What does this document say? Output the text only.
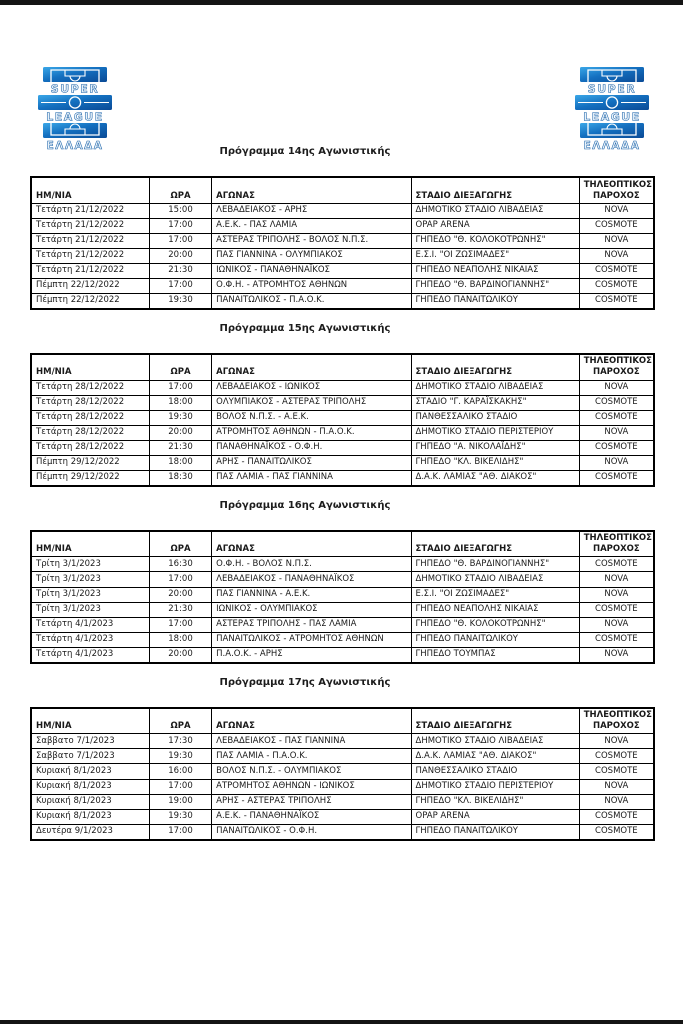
SUPER
LEAGUE
ΕΛΛΑΔΑ
SUPER
LEAGUE
ΕΛΛΑΔΑ
Πρόγραμμα 14ης Αγωνιστικής
ΗΜ/ΝΙΑ	ΩΡΑ	ΑΓΩΝΑΣ	ΣΤΑΔΙΟ ΔΙΕΞΑΓΩΓΗΣ	ΤΗΛΕΟΠΤΙΚΟΣ ΠΑΡΟΧΟΣ
Τετάρτη 21/12/2022	15:00	ΛΕΒΑΔΕΙΑΚΟΣ - ΑΡΗΣ	ΔΗΜΟΤΙΚΟ ΣΤΑΔΙΟ ΛΙΒΑΔΕΙΑΣ	NOVA
Τετάρτη 21/12/2022	17:00	Α.Ε.Κ. - ΠΑΣ ΛΑΜΙΑ	OPAP ARENA	COSMOTE
Τετάρτη 21/12/2022	17:00	ΑΣΤΕΡΑΣ ΤΡΙΠΟΛΗΣ - ΒΟΛΟΣ Ν.Π.Σ.	ΓΗΠΕΔΟ "Θ. ΚΟΛΟΚΟΤΡΩΝΗΣ"	NOVA
Τετάρτη 21/12/2022	20:00	ΠΑΣ ΓΙΑΝΝΙΝΑ - ΟΛΥΜΠΙΑΚΟΣ	Ε.Σ.Ι. "ΟΙ ΖΩΣΙΜΑΔΕΣ"	NOVA
Τετάρτη 21/12/2022	21:30	ΙΩΝΙΚΟΣ - ΠΑΝΑΘΗΝΑΪΚΟΣ	ΓΗΠΕΔΟ ΝΕΑΠΟΛΗΣ ΝΙΚΑΙΑΣ	COSMOTE
Πέμπτη 22/12/2022	17:00	Ο.Φ.Η. - ΑΤΡΟΜΗΤΟΣ ΑΘΗΝΩΝ	ΓΗΠΕΔΟ "Θ. ΒΑΡΔΙΝΟΓΙΑΝΝΗΣ"	COSMOTE
Πέμπτη 22/12/2022	19:30	ΠΑΝΑΙΤΩΛΙΚΟΣ - Π.Α.Ο.Κ.	ΓΗΠΕΔΟ ΠΑΝΑΙΤΩΛΙΚΟΥ	COSMOTE
Πρόγραμμα 15ης Αγωνιστικής
ΗΜ/ΝΙΑ	ΩΡΑ	ΑΓΩΝΑΣ	ΣΤΑΔΙΟ ΔΙΕΞΑΓΩΓΗΣ	ΤΗΛΕΟΠΤΙΚΟΣ ΠΑΡΟΧΟΣ
Τετάρτη 28/12/2022	17:00	ΛΕΒΑΔΕΙΑΚΟΣ - ΙΩΝΙΚΟΣ	ΔΗΜΟΤΙΚΟ ΣΤΑΔΙΟ ΛΙΒΑΔΕΙΑΣ	NOVA
Τετάρτη 28/12/2022	18:00	ΟΛΥΜΠΙΑΚΟΣ - ΑΣΤΕΡΑΣ ΤΡΙΠΟΛΗΣ	ΣΤΑΔΙΟ "Γ. ΚΑΡΑΪΣΚΑΚΗΣ"	COSMOTE
Τετάρτη 28/12/2022	19:30	ΒΟΛΟΣ Ν.Π.Σ. - Α.Ε.Κ.	ΠΑΝΘΕΣΣΑΛΙΚΟ ΣΤΑΔΙΟ	COSMOTE
Τετάρτη 28/12/2022	20:00	ΑΤΡΟΜΗΤΟΣ ΑΘΗΝΩΝ - Π.Α.Ο.Κ.	ΔΗΜΟΤΙΚΟ ΣΤΑΔΙΟ ΠΕΡΙΣΤΕΡΙΟΥ	NOVA
Τετάρτη 28/12/2022	21:30	ΠΑΝΑΘΗΝΑΪΚΟΣ - Ο.Φ.Η.	ΓΗΠΕΔΟ "Α. ΝΙΚΟΛΑΪΔΗΣ"	COSMOTE
Πέμπτη 29/12/2022	18:00	ΑΡΗΣ - ΠΑΝΑΙΤΩΛΙΚΟΣ	ΓΗΠΕΔΟ "ΚΛ. ΒΙΚΕΛΙΔΗΣ"	NOVA
Πέμπτη 29/12/2022	18:30	ΠΑΣ ΛΑΜΙΑ - ΠΑΣ ΓΙΑΝΝΙΝΑ	Δ.Α.Κ. ΛΑΜΙΑΣ "ΑΘ. ΔΙΑΚΟΣ"	COSMOTE
Πρόγραμμα 16ης Αγωνιστικής
ΗΜ/ΝΙΑ	ΩΡΑ	ΑΓΩΝΑΣ	ΣΤΑΔΙΟ ΔΙΕΞΑΓΩΓΗΣ	ΤΗΛΕΟΠΤΙΚΟΣ ΠΑΡΟΧΟΣ
Τρίτη 3/1/2023	16:30	Ο.Φ.Η. - ΒΟΛΟΣ Ν.Π.Σ.	ΓΗΠΕΔΟ "Θ. ΒΑΡΔΙΝΟΓΙΑΝΝΗΣ"	COSMOTE
Τρίτη 3/1/2023	17:00	ΛΕΒΑΔΕΙΑΚΟΣ - ΠΑΝΑΘΗΝΑΪΚΟΣ	ΔΗΜΟΤΙΚΟ ΣΤΑΔΙΟ ΛΙΒΑΔΕΙΑΣ	NOVA
Τρίτη 3/1/2023	20:00	ΠΑΣ ΓΙΑΝΝΙΝΑ - Α.Ε.Κ.	Ε.Σ.Ι. "ΟΙ ΖΩΣΙΜΑΔΕΣ"	NOVA
Τρίτη 3/1/2023	21:30	ΙΩΝΙΚΟΣ - ΟΛΥΜΠΙΑΚΟΣ	ΓΗΠΕΔΟ ΝΕΑΠΟΛΗΣ ΝΙΚΑΙΑΣ	COSMOTE
Τετάρτη 4/1/2023	17:00	ΑΣΤΕΡΑΣ ΤΡΙΠΟΛΗΣ - ΠΑΣ ΛΑΜΙΑ	ΓΗΠΕΔΟ "Θ. ΚΟΛΟΚΟΤΡΩΝΗΣ"	NOVA
Τετάρτη 4/1/2023	18:00	ΠΑΝΑΙΤΩΛΙΚΟΣ - ΑΤΡΟΜΗΤΟΣ ΑΘΗΝΩΝ	ΓΗΠΕΔΟ ΠΑΝΑΙΤΩΛΙΚΟΥ	COSMOTE
Τετάρτη 4/1/2023	20:00	Π.Α.Ο.Κ. - ΑΡΗΣ	ΓΗΠΕΔΟ ΤΟΥΜΠΑΣ	NOVA
Πρόγραμμα 17ης Αγωνιστικής
ΗΜ/ΝΙΑ	ΩΡΑ	ΑΓΩΝΑΣ	ΣΤΑΔΙΟ ΔΙΕΞΑΓΩΓΗΣ	ΤΗΛΕΟΠΤΙΚΟΣ ΠΑΡΟΧΟΣ
Σαββατο 7/1/2023	17:30	ΛΕΒΑΔΕΙΑΚΟΣ - ΠΑΣ ΓΙΑΝΝΙΝΑ	ΔΗΜΟΤΙΚΟ ΣΤΑΔΙΟ ΛΙΒΑΔΕΙΑΣ	NOVA
Σαββατο 7/1/2023	19:30	ΠΑΣ ΛΑΜΙΑ - Π.Α.Ο.Κ.	Δ.Α.Κ. ΛΑΜΙΑΣ "ΑΘ. ΔΙΑΚΟΣ"	COSMOTE
Κυριακή 8/1/2023	16:00	ΒΟΛΟΣ Ν.Π.Σ. - ΟΛΥΜΠΙΑΚΟΣ	ΠΑΝΘΕΣΣΑΛΙΚΟ ΣΤΑΔΙΟ	COSMOTE
Κυριακή 8/1/2023	17:00	ΑΤΡΟΜΗΤΟΣ ΑΘΗΝΩΝ - ΙΩΝΙΚΟΣ	ΔΗΜΟΤΙΚΟ ΣΤΑΔΙΟ ΠΕΡΙΣΤΕΡΙΟΥ	NOVA
Κυριακή 8/1/2023	19:00	ΑΡΗΣ - ΑΣΤΕΡΑΣ ΤΡΙΠΟΛΗΣ	ΓΗΠΕΔΟ "ΚΛ. ΒΙΚΕΛΙΔΗΣ"	NOVA
Κυριακή 8/1/2023	19:30	Α.Ε.Κ. - ΠΑΝΑΘΗΝΑΪΚΟΣ	OPAP ARENA	COSMOTE
Δευτέρα 9/1/2023	17:00	ΠΑΝΑΙΤΩΛΙΚΟΣ - Ο.Φ.Η.	ΓΗΠΕΔΟ ΠΑΝΑΙΤΩΛΙΚΟΥ	COSMOTE
